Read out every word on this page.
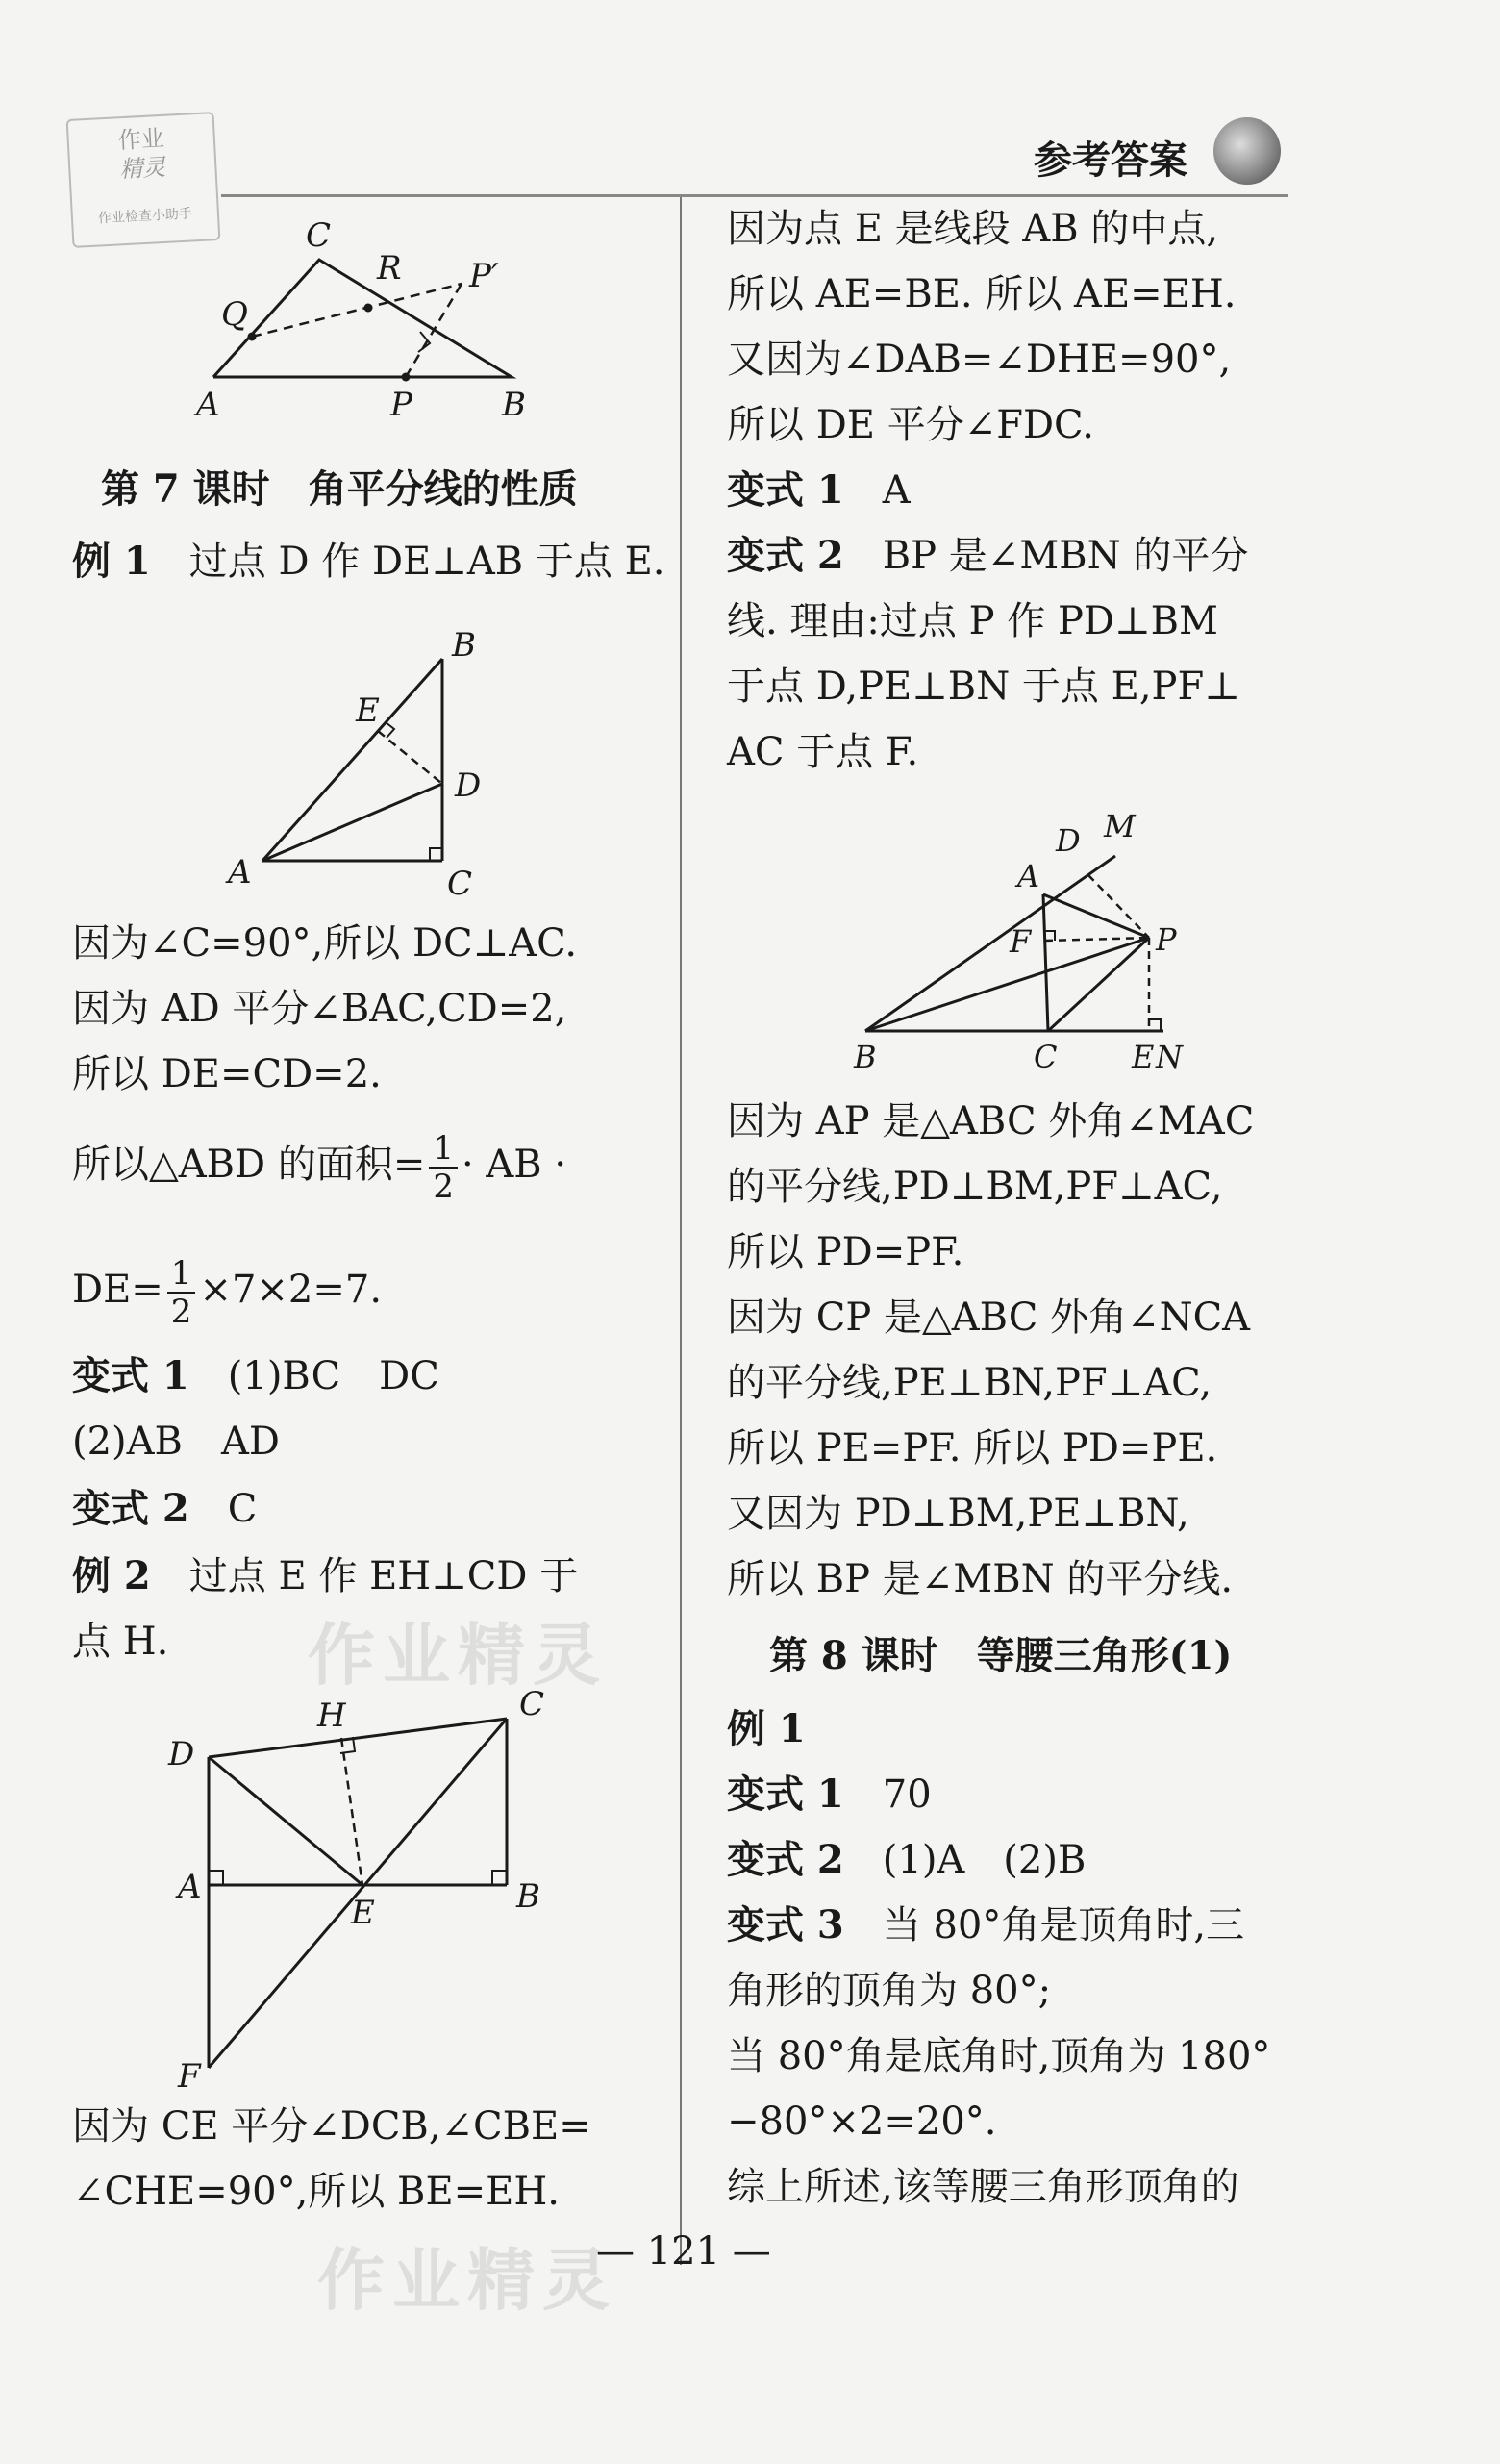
作业
精灵
作业检查小助手
参考答案
C
Q
R P′
A	P	B
第 7 课时　角平分线的性质
例 1　 过点 D 作 DE⊥AB 于点 E.
B
E
D
A	C
因为∠C=90°,所以 DC⊥AC.
因为 AD 平分∠BAC,CD=2,
所以 DE=CD=2.
所以△ABD 的面积= $\frac{1}{2}$ · AB ·
$DE= \frac{1}{2} \times 7\times 2=7$.
变式 1　 (1)BC　DC
(2)AB　AD
变式 2　 C
例 2　 过点 E 作 EH⊥CD 于
点 H. 作业精灵
H	C
D
A
E	B
F
因为 CE 平分∠DCB,∠CBE=
∠CHE=90°,所以 BE=EH.
作业精灵
因为点 E 是线段 AB 的中点,
所以 AE=BE. 所以 AE=EH.
又因为∠DAB=∠DHE=90°,
所以 DE 平分∠FDC.
变式 1　 A
变式 2　 BP 是∠MBN 的平分
线. 理由:过点 P 作 PD⊥BM
于点 D,PE⊥BN 于点 E,PF⊥
AC 于点 F.
D M
A
F	P
B	C E N
因为 AP 是△ABC 外角∠MAC
的平分线,PD⊥BM,PF⊥AC,
所以 PD=PF.
因为 CP 是△ABC 外角∠NCA
的平分线,PE⊥BN,PF⊥AC,
所以 PE=PF. 所以 PD=PE.
又因为 PD⊥BM,PE⊥BN,
所以 BP 是∠MBN 的平分线.
第 8 课时　等腰三角形(1)
例 1
变式 1　 70
变式 2　 (1)A　(2)B
变式 3　 当 80°角是顶角时,三
角形的顶角为 80°;
当 80°角是底角时,顶角为 180°
−80°×2=20°.
综上所述,该等腰三角形顶角的
— 121 —
